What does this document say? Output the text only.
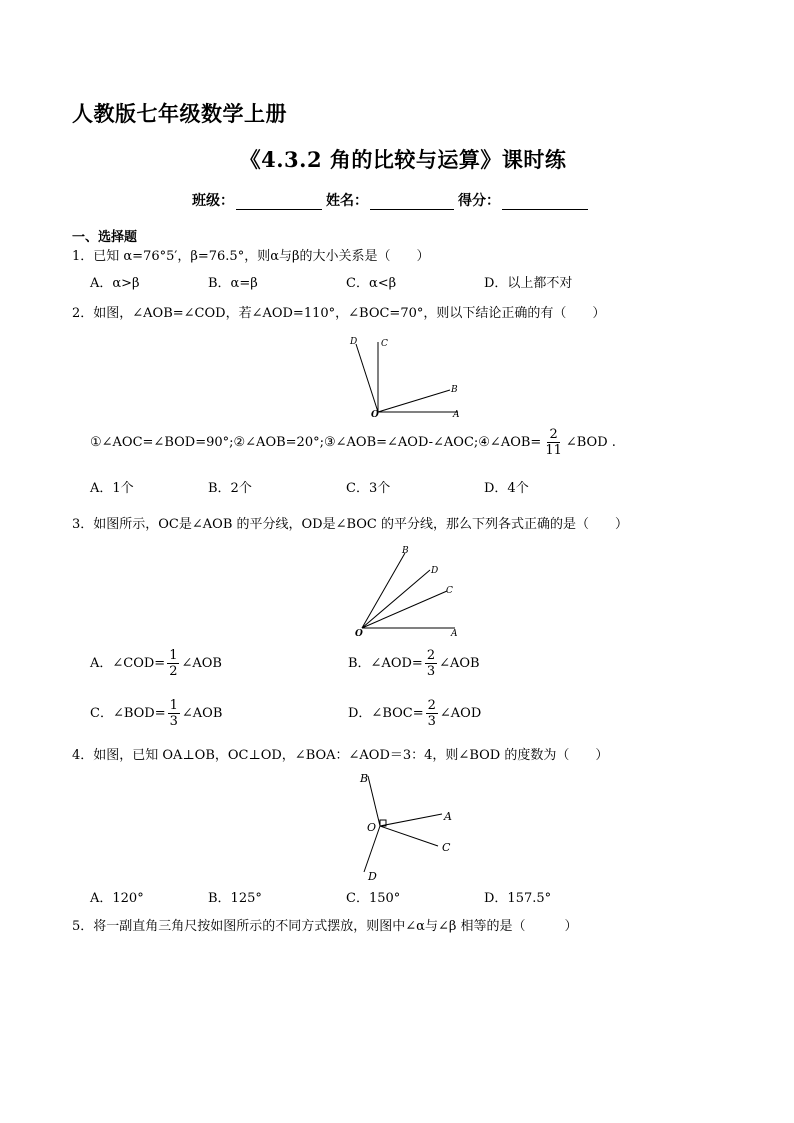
人教版七年级数学上册
《4.3.2 角的比较与运算》课时练
班级：	姓名：	得分：
一、选择题
1．已知 α=76°5′，β=76.5°，则α与β的大小关系是（　　）
A．α>β	B．α=β	C．α<β	D．以上都不对
2．如图，∠AOB=∠COD，若∠AOD=110°，∠BOC=70°，则以下结论正确的有（　　）
D	C
B
O	A
①∠AOC=∠BOD=90°;②∠AOB=20°;③∠AOB=∠AOD-∠AOC;④∠AOB= $\frac{2}{11}$ ∠BOD .
A．1个	B．2个	C．3个	D．4个
3．如图所示，OC是∠AOB 的平分线，OD是∠BOC 的平分线，那么下列各式正确的是（　　）
B
D
C
O	A
A．∠COD= $\frac{1}{2}$ ∠AOB	B．∠AOD= $\frac{2}{3}$ ∠AOB
C．∠BOD= $\frac{1}{3}$ ∠AOB	D．∠BOC= $\frac{2}{3}$ ∠AOD
4．如图，已知 OA⊥OB，OC⊥OD，∠BOA：∠AOD＝3：4，则∠BOD 的度数为（　　）
B
O
A
C
D
A．120°	B．125°	C．150°	D．157.5°
5．将一副直角三角尺按如图所示的不同方式摆放，则图中∠α与∠β 相等的是（　　　）
